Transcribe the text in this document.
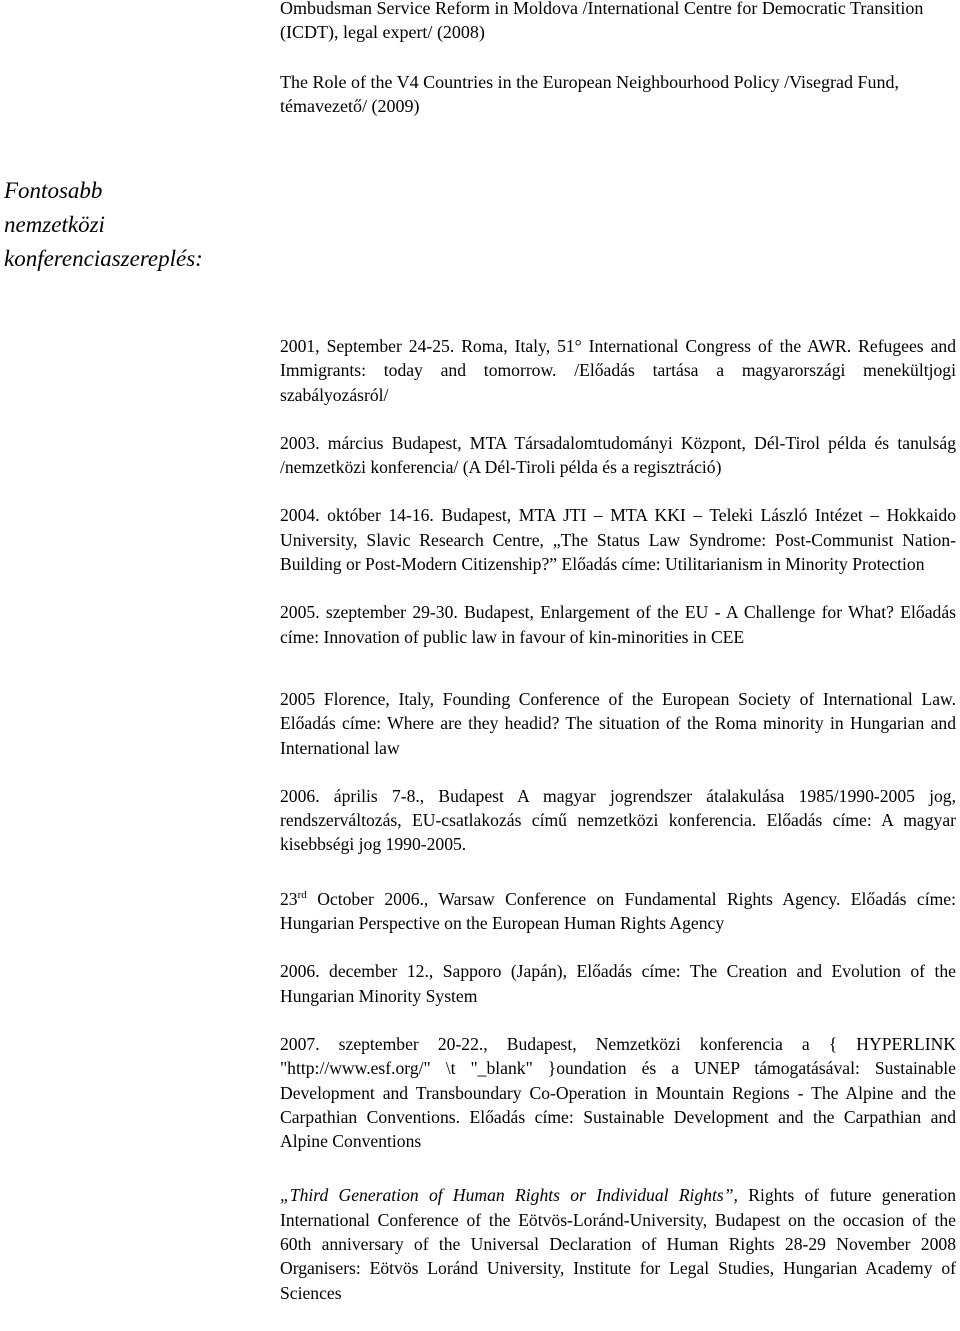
Ombudsman Service Reform in Moldova /International Centre for Democratic Transition (ICDT), legal expert/ (2008)

The Role of the V4 Countries in the European Neighbourhood Policy /Visegrad Fund, témavezető/ (2009)

Fontosabb
nemzetközi
konferenciaszereplés:

2001, September 24-25. Roma, Italy, 51° International Congress of the AWR. Refugees and Immigrants: today and tomorrow. /Előadás tartása a magyarországi menekültjogi szabályozásról/

2003. március Budapest, MTA Társadalomtudományi Központ, Dél-Tirol példa és tanulság /nemzetközi konferencia/ (A Dél-Tiroli példa és a regisztráció)

2004. október 14-16. Budapest, MTA JTI – MTA KKI – Teleki László Intézet – Hokkaido University, Slavic Research Centre, „The Status Law Syndrome: Post-Communist Nation-Building or Post-Modern Citizenship?” Előadás címe: Utilitarianism in Minority Protection

2005. szeptember 29-30. Budapest, Enlargement of the EU - A Challenge for What? Előadás címe: Innovation of public law in favour of kin-minorities in CEE

2005 Florence, Italy, Founding Conference of the European Society of International Law. Előadás címe: Where are they headid? The situation of the Roma minority in Hungarian and International law

2006. április 7-8., Budapest A magyar jogrendszer átalakulása 1985/1990-2005 jog, rendszerváltozás, EU-csatlakozás című nemzetközi konferencia. Előadás címe: A magyar kisebbségi jog 1990-2005.

23rd October 2006., Warsaw Conference on Fundamental Rights Agency. Előadás címe: Hungarian Perspective on the European Human Rights Agency

2006. december 12., Sapporo (Japán), Előadás címe: The Creation and Evolution of the Hungarian Minority System

2007. szeptember 20-22., Budapest, Nemzetközi konferencia a { HYPERLINK "http://www.esf.org/" \t "_blank" }oundation és a UNEP támogatásával: Sustainable Development and Transboundary Co-Operation in Mountain Regions - The Alpine and the Carpathian Conventions. Előadás címe: Sustainable Development and the Carpathian and Alpine Conventions

„Third Generation of Human Rights or Individual Rights”, Rights of future generation International Conference of the Eötvös-Loránd-University, Budapest on the occasion of the 60th anniversary of the Universal Declaration of Human Rights 28-29 November 2008 Organisers: Eötvös Loránd University, Institute for Legal Studies, Hungarian Academy of Sciences
